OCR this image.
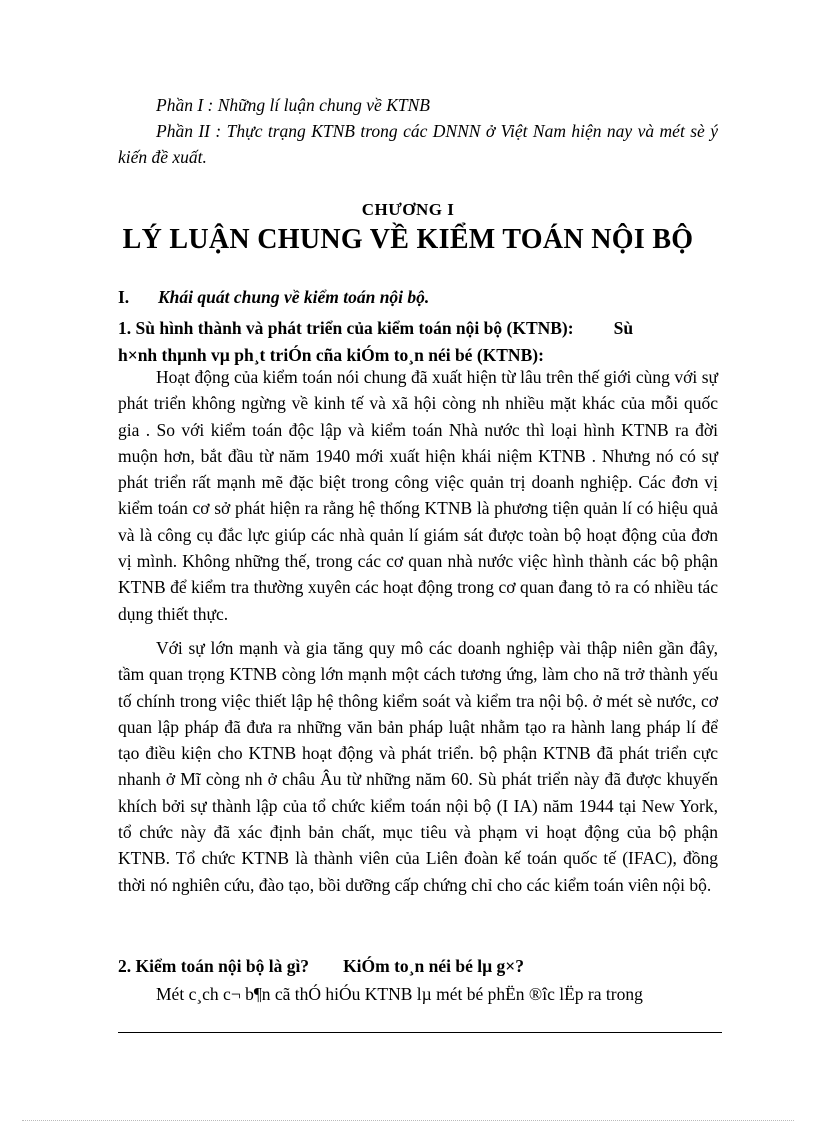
Phần I : Những lí luận chung về KTNB

Phần II : Thực trạng KTNB trong các DNNN ở Việt Nam hiện nay và mét sè ý kiến đề xuất.

CHƯƠNG I
LÝ LUẬN CHUNG VỀ KIỂM TOÁN NỘI BỘ
I. Khái quát chung về kiểm toán nội bộ.
1. Sù hình thành và phát triển của kiểm toán nội bộ (KTNB): Sù
h×nh thµnh vµ ph¸t triÓn cña kiÓm to¸n néi bé (KTNB):

Hoạt động của kiểm toán nói chung đã xuất hiện từ lâu trên thế giới cùng với sự phát triển không ngừng về kinh tế và xã hội còng nh nhiều mặt khác của mỗi quốc gia . So với kiểm toán độc lập và kiểm toán Nhà nước thì loại hình KTNB ra đời muộn hơn, bắt đầu từ năm 1940 mới xuất hiện khái niệm KTNB . Nhưng nó có sự phát triển rất mạnh mẽ đặc biệt trong công việc quản trị doanh nghiệp. Các đơn vị kiểm toán cơ sở phát hiện ra rằng hệ thống KTNB là phương tiện quản lí có hiệu quả và là công cụ đắc lực giúp các nhà quản lí giám sát được toàn bộ hoạt động của đơn vị mình. Không những thế, trong các cơ quan nhà nước việc hình thành các bộ phận KTNB để kiểm tra thường xuyên các hoạt động trong cơ quan đang tỏ ra có nhiều tác dụng thiết thực.

Với sự lớn mạnh và gia tăng quy mô các doanh nghiệp vài thập niên gần đây, tầm quan trọng KTNB còng lớn mạnh một cách tương ứng, làm cho nã trở thành yếu tố chính trong việc thiết lập hệ thông kiểm soát và kiểm tra nội bộ. ở mét sè nước, cơ quan lập pháp đã đưa ra những văn bản pháp luật nhằm tạo ra hành lang pháp lí để tạo điều kiện cho KTNB hoạt động và phát triển. bộ phận KTNB đã phát triển cực nhanh ở Mĩ còng nh ở châu Âu từ những năm 60. Sù phát triển này đã được khuyến khích bởi sự thành lập của tổ chức kiểm toán nội bộ (I IA) năm 1944 tại New York, tổ chức này đã xác định bản chất, mục tiêu và phạm vi hoạt động của bộ phận KTNB. Tổ chức KTNB là thành viên của Liên đoàn kế toán quốc tế (IFAC), đồng thời nó nghiên cứu, đào tạo, bồi dưỡng cấp chứng chỉ cho các kiểm toán viên nội bộ.

2. Kiểm toán nội bộ là gì? KiÓm to¸n néi bé lµ g×?
Mét c¸ch c¬ b¶n cã thÓ hiÓu KTNB lµ mét bé phËn ®îc lËp ra trong
